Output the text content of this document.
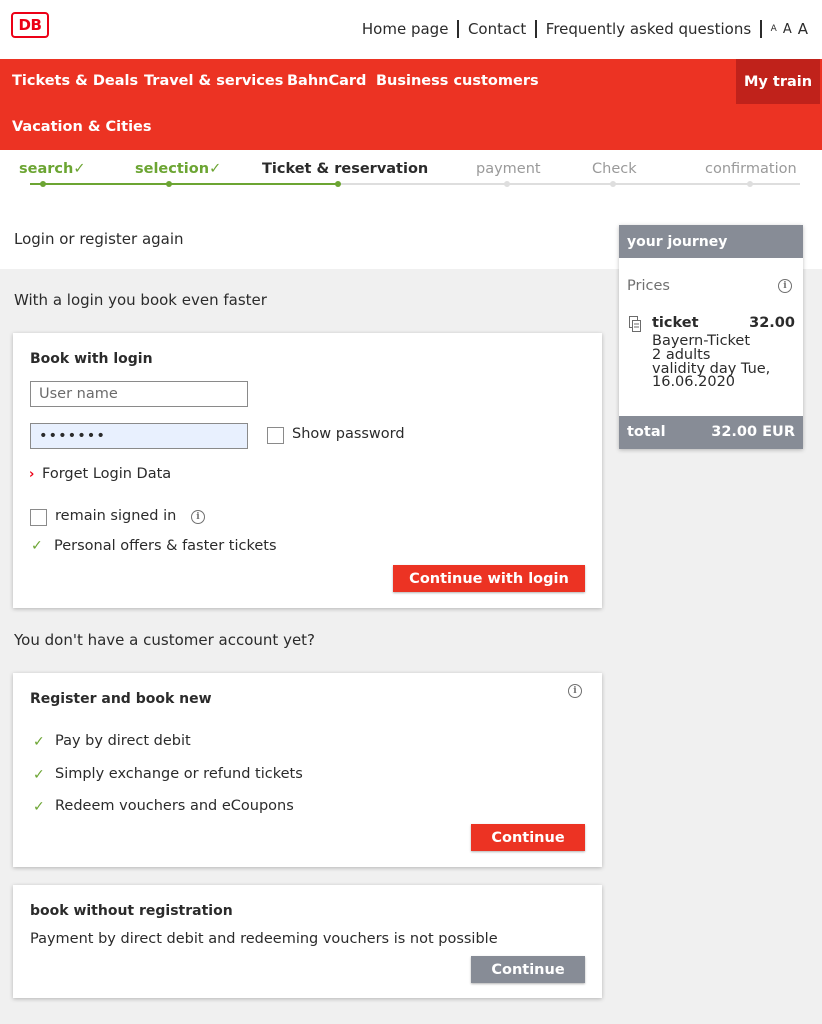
DB	Home page Contact Frequently asked questions A A A
Tickets & Deals Travel & services BahnCard Business customers
Vacation & Cities
My train
search✓	selection✓	Ticket & reservation	payment	Check	confirmation
Login or register again
With a login you book even faster
Book with login
User name
•••••••
Show password
› Forget Login Data
remain signed in	i
✓ Personal offers & faster tickets
Continue with login
You don't have a customer account yet?
Register and book new	i
✓ Pay by direct debit
✓ Simply exchange or refund tickets
✓ Redeem vouchers and eCoupons
Continue
book without registration
Payment by direct debit and redeeming vouchers is not possible
Continue
your journey
Prices	i
ticket	32.00
Bayern-Ticket
2 adults
validity day Tue,
16.06.2020
total	32.00 EUR
